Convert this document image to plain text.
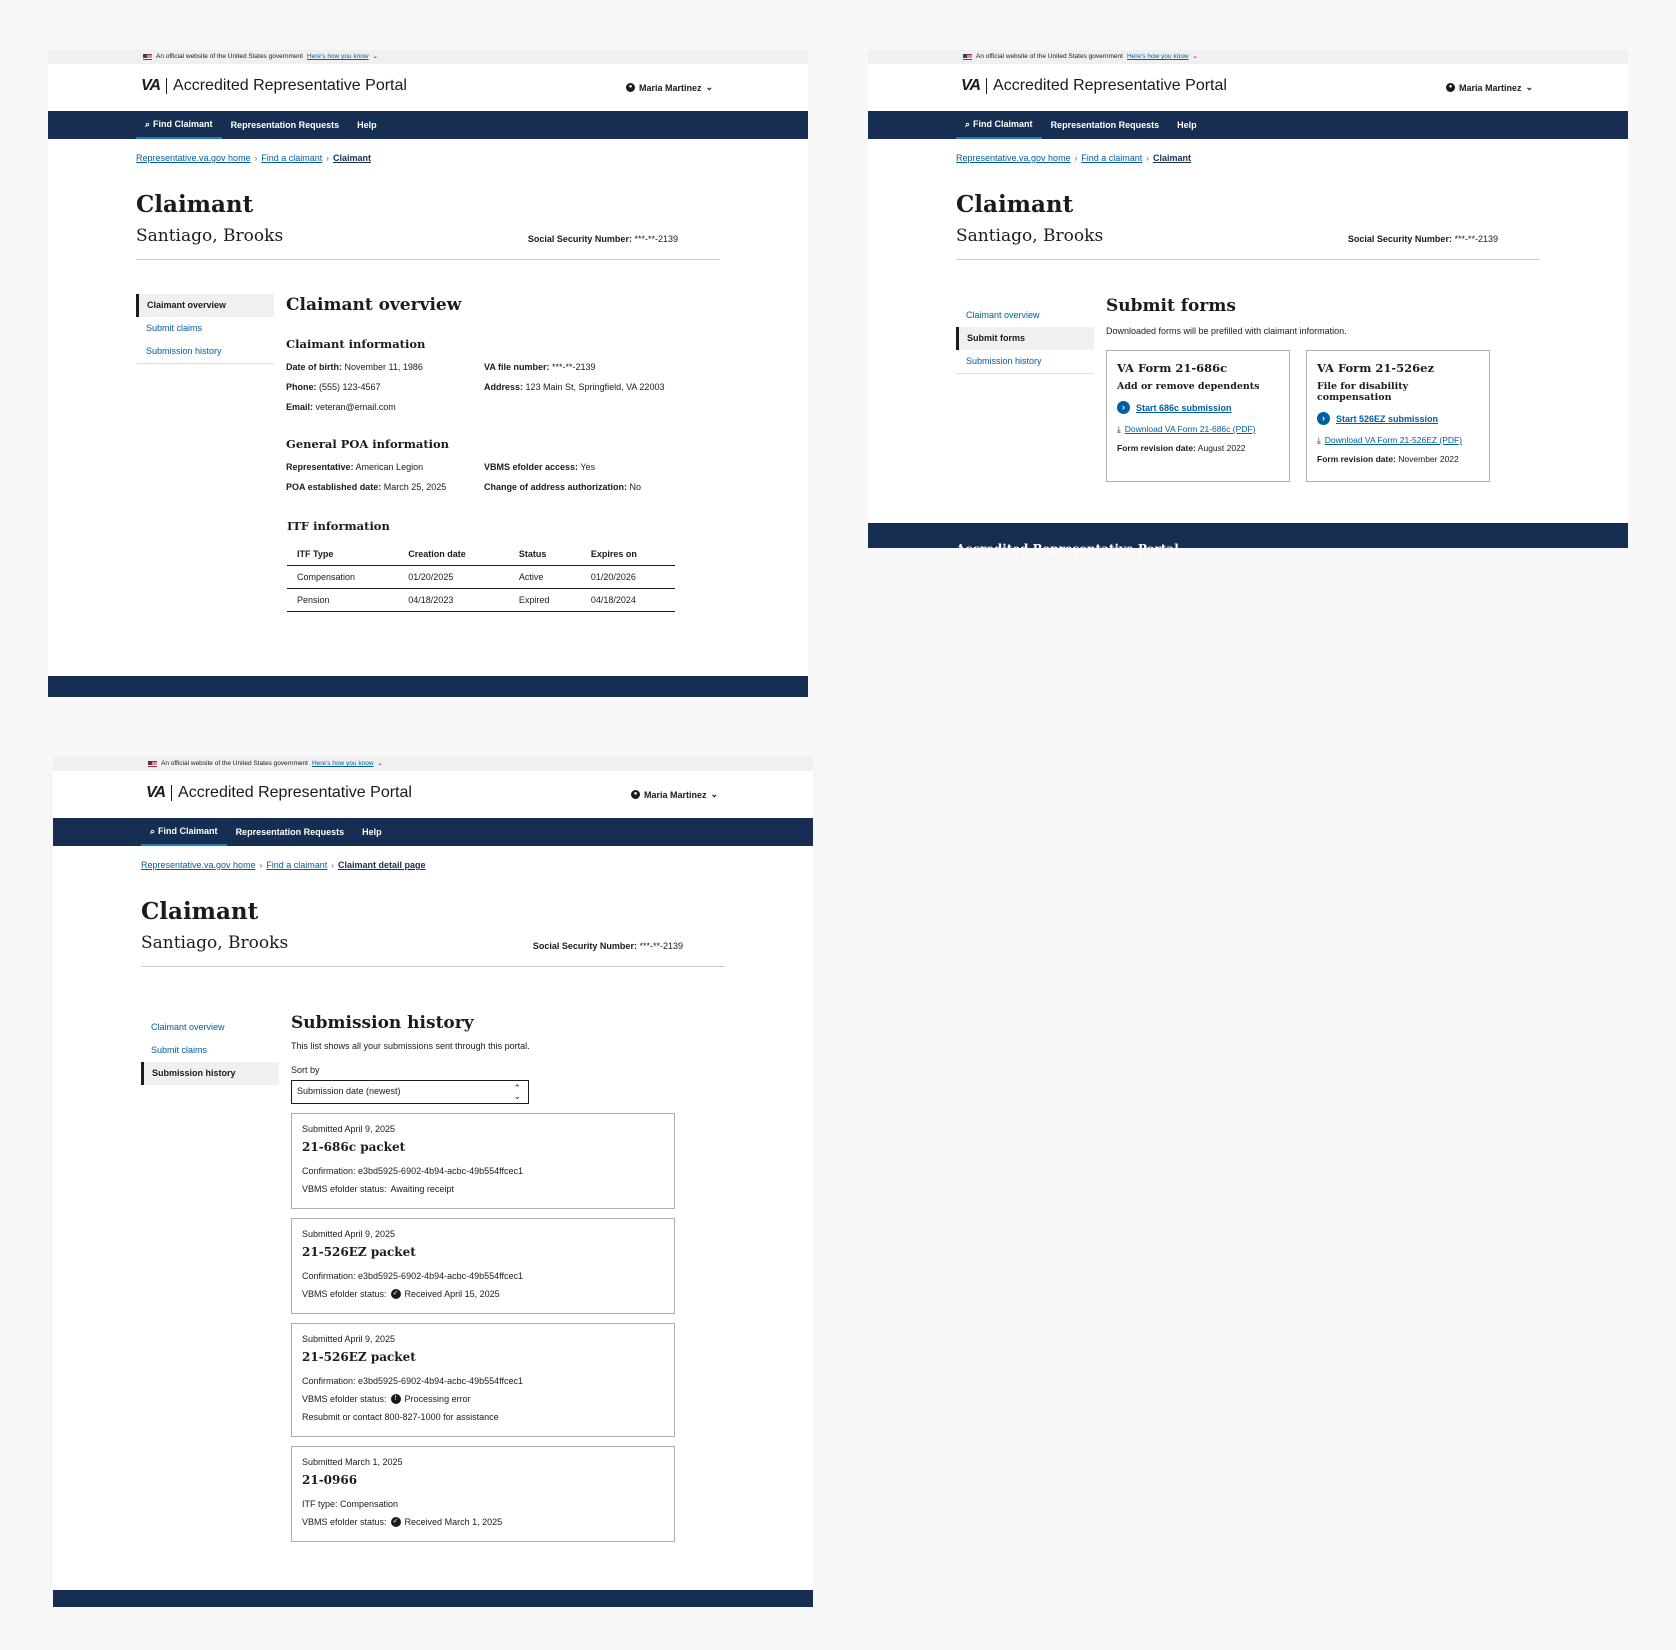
An official website of the United States government Here's how you know ⌄
VA Accredited Representative Portal	● Maria Martinez ⌄
⌕ Find Claimant Representation Requests Help
Representative.va.gov home › Find a claimant › Claimant
Claimant
Santiago, Brooks	Social Security Number: ***-**-2139
Claimant overview
Submit claims
Submission history
Claimant overview
Claimant information
Date of birth: November 11, 1986	VA file number: ***-**-2139
Phone: (555) 123-4567	Address: 123 Main St, Springfield, VA 22003
Email: veteran@email.com
General POA information
Representative: American Legion	VBMS efolder access: Yes
POA established date: March 25, 2025	Change of address authorization: No
ITF information
ITF Type	Creation date	Status	Expires on
Compensation	01/20/2025	Active	01/20/2026
Pension	04/18/2023	Expired	04/18/2024
An official website of the United States government Here's how you know ⌄
VA Accredited Representative Portal	● Maria Martinez ⌄
⌕ Find Claimant Representation Requests Help
Representative.va.gov home › Find a claimant › Claimant
Claimant
Santiago, Brooks	Social Security Number: ***-**-2139
Claimant overview
Submit forms
Submission history
Submit forms
Downloaded forms will be prefilled with claimant information.
VA Form 21-686c
Add or remove dependents
›	Start 686c submission
⤓ Download VA Form 21-686c (PDF)
Form revision date: August 2022
VA Form 21-526ez
File for disability compensation
›	Start 526EZ submission
⤓ Download VA Form 21-526EZ (PDF)
Form revision date: November 2022
Accredited Representative Portal
An official website of the United States government Here's how you know ⌄
VA Accredited Representative Portal	● Maria Martinez ⌄
⌕ Find Claimant Representation Requests Help
Representative.va.gov home › Find a claimant › Claimant detail page
Claimant
Santiago, Brooks	Social Security Number: ***-**-2139
Claimant overview
Submit claims
Submission history
Submission history
This list shows all your submissions sent through this portal.
Sort by
Submission date (newest)	⌃
⌄
Submitted April 9, 2025
21-686c packet
Confirmation: e3bd5925-6902-4b94-acbc-49b554ffcec1
VBMS efolder status: Awaiting receipt
Submitted April 9, 2025
21-526EZ packet
Confirmation: e3bd5925-6902-4b94-acbc-49b554ffcec1
VBMS efolder status: ✓ Received April 15, 2025
Submitted April 9, 2025
21-526EZ packet
Confirmation: e3bd5925-6902-4b94-acbc-49b554ffcec1
VBMS efolder status:	! Processing error
Resubmit or contact 800-827-1000 for assistance
Submitted March 1, 2025
21-0966
ITF type: Compensation
VBMS efolder status: ✓ Received March 1, 2025
